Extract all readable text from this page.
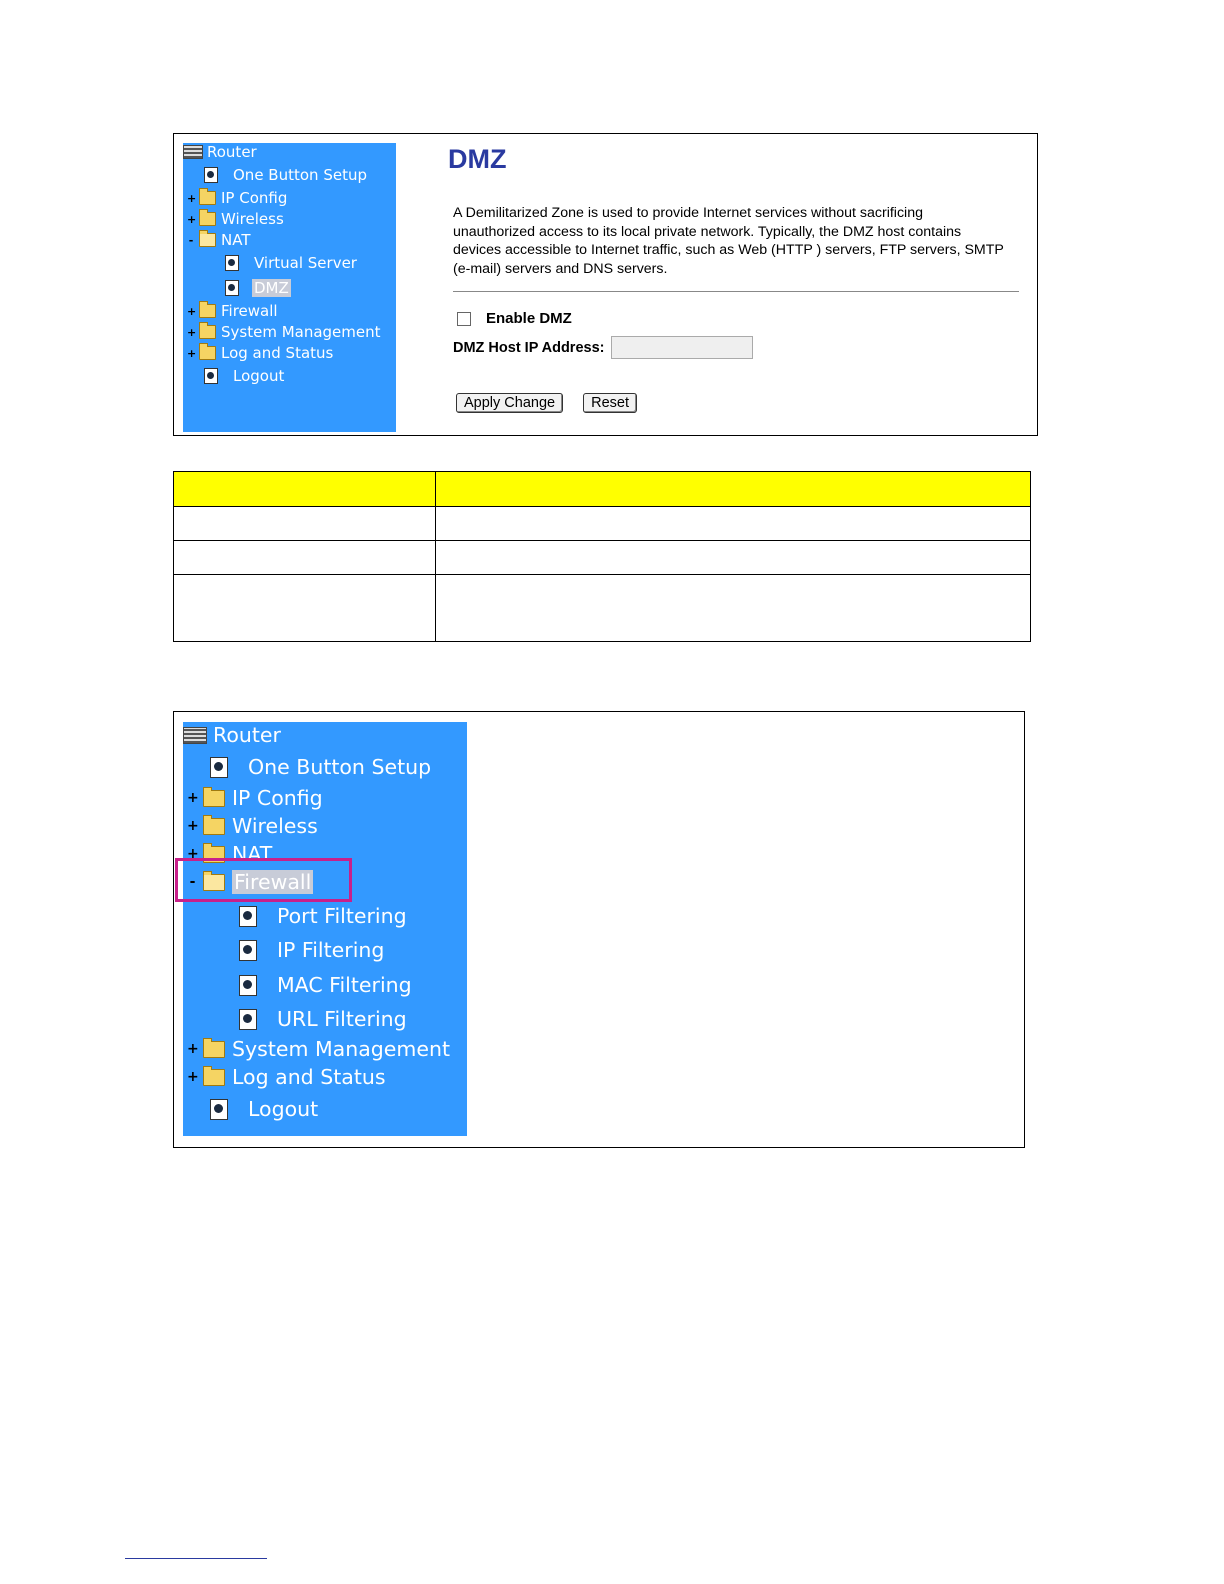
Router
One Button Setup
+ IP Config
+ Wireless
- NAT
Virtual Server
DMZ
+ Firewall
+ System Management
+ Log and Status
Logout
DMZ
A Demilitarized Zone is used to provide Internet services without sacrificing unauthorized access to its local private network. Typically, the DMZ host contains devices accessible to Internet traffic, such as Web (HTTP ) servers, FTP servers, SMTP (e-mail) servers and DNS servers.
Enable DMZ
DMZ Host IP Address:
Apply Change	Reset

Router
One Button Setup
+ IP Config
+ Wireless
+ NAT
- Firewall
Port Filtering
IP Filtering
MAC Filtering
URL Filtering
+ System Management
+ Log and Status
Logout
